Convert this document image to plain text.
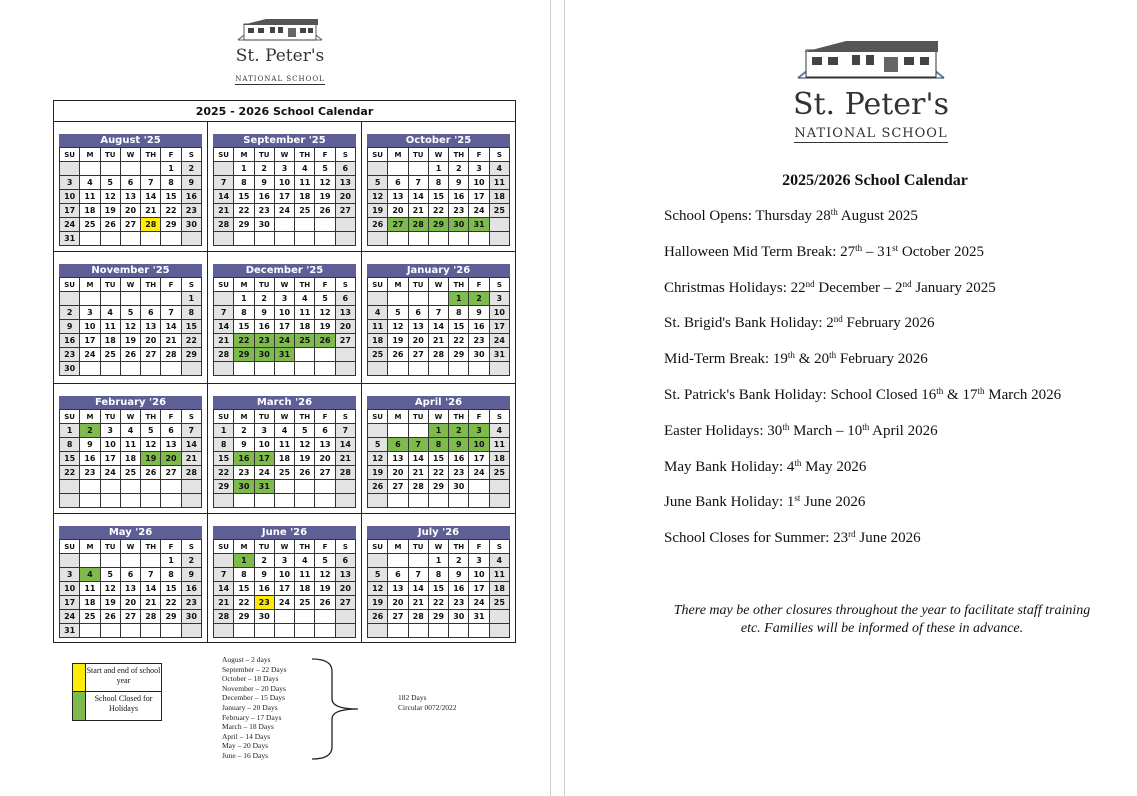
St. Peter's
NATIONAL SCHOOL
2025 - 2026 School Calendar
August '25
SU	M	TU	W	TH	F	S
					1	2
3	4	5	6	7	8	9
10	11	12	13	14	15	16
17	18	19	20	21	22	23
24	25	26	27	28	29	30
31						
September '25
SU	M	TU	W	TH	F	S
	1	2	3	4	5	6
7	8	9	10	11	12	13
14	15	16	17	18	19	20
21	22	23	24	25	26	27
28	29	30				

October '25
SU	M	TU	W	TH	F	S
			1	2	3	4
5	6	7	8	9	10	11
12	13	14	15	16	17	18
19	20	21	22	23	24	25
26	27	28	29	30	31	

November '25
SU	M	TU	W	TH	F	S
						1
2	3	4	5	6	7	8
9	10	11	12	13	14	15
16	17	18	19	20	21	22
23	24	25	26	27	28	29
30						
December '25
SU	M	TU	W	TH	F	S
	1	2	3	4	5	6
7	8	9	10	11	12	13
14	15	16	17	18	19	20
21	22	23	24	25	26	27
28	29	30	31			

January '26
SU	M	TU	W	TH	F	S
				1	2	3
4	5	6	7	8	9	10
11	12	13	14	15	16	17
18	19	20	21	22	23	24
25	26	27	28	29	30	31

February '26
SU	M	TU	W	TH	F	S
1	2	3	4	5	6	7
8	9	10	11	12	13	14
15	16	17	18	19	20	21
22	23	24	25	26	27	28

March '26
SU	M	TU	W	TH	F	S
1	2	3	4	5	6	7
8	9	10	11	12	13	14
15	16	17	18	19	20	21
22	23	24	25	26	27	28
29	30	31				

April '26
SU	M	TU	W	TH	F	S
			1	2	3	4
5	6	7	8	9	10	11
12	13	14	15	16	17	18
19	20	21	22	23	24	25
26	27	28	29	30		

May '26
SU	M	TU	W	TH	F	S
					1	2
3	4	5	6	7	8	9
10	11	12	13	14	15	16
17	18	19	20	21	22	23
24	25	26	27	28	29	30
31						
June '26
SU	M	TU	W	TH	F	S
	1	2	3	4	5	6
7	8	9	10	11	12	13
14	15	16	17	18	19	20
21	22	23	24	25	26	27
28	29	30				

July '26
SU	M	TU	W	TH	F	S
			1	2	3	4
5	6	7	8	9	10	11
12	13	14	15	16	17	18
19	20	21	22	23	24	25
26	27	28	29	30	31	

Start and end of school year
School Closed for Holidays
August – 2 days
September – 22 Days
October – 18 Days
November – 20 Days
December – 15 Days
January – 20 Days
February – 17 Days
March – 18 Days
April – 14 Days
May – 20 Days
June – 16 Days
182 Days
Circular 0072/2022
St. Peter's
NATIONAL SCHOOL
2025/2026 School Calendar
School Opens: Thursday 28th August 2025
Halloween Mid Term Break: 27th – 31st October 2025
Christmas Holidays: 22nd December – 2nd January 2025
St. Brigid's Bank Holiday: 2nd February 2026
Mid-Term Break: 19th & 20th February 2026
St. Patrick's Bank Holiday: School Closed 16th & 17th March 2026
Easter Holidays: 30th March – 10th April 2026
May Bank Holiday: 4th May 2026
June Bank Holiday: 1st June 2026
School Closes for Summer: 23rd June 2026
There may be other closures throughout the year to facilitate staff training etc. Families will be informed of these in advance.
